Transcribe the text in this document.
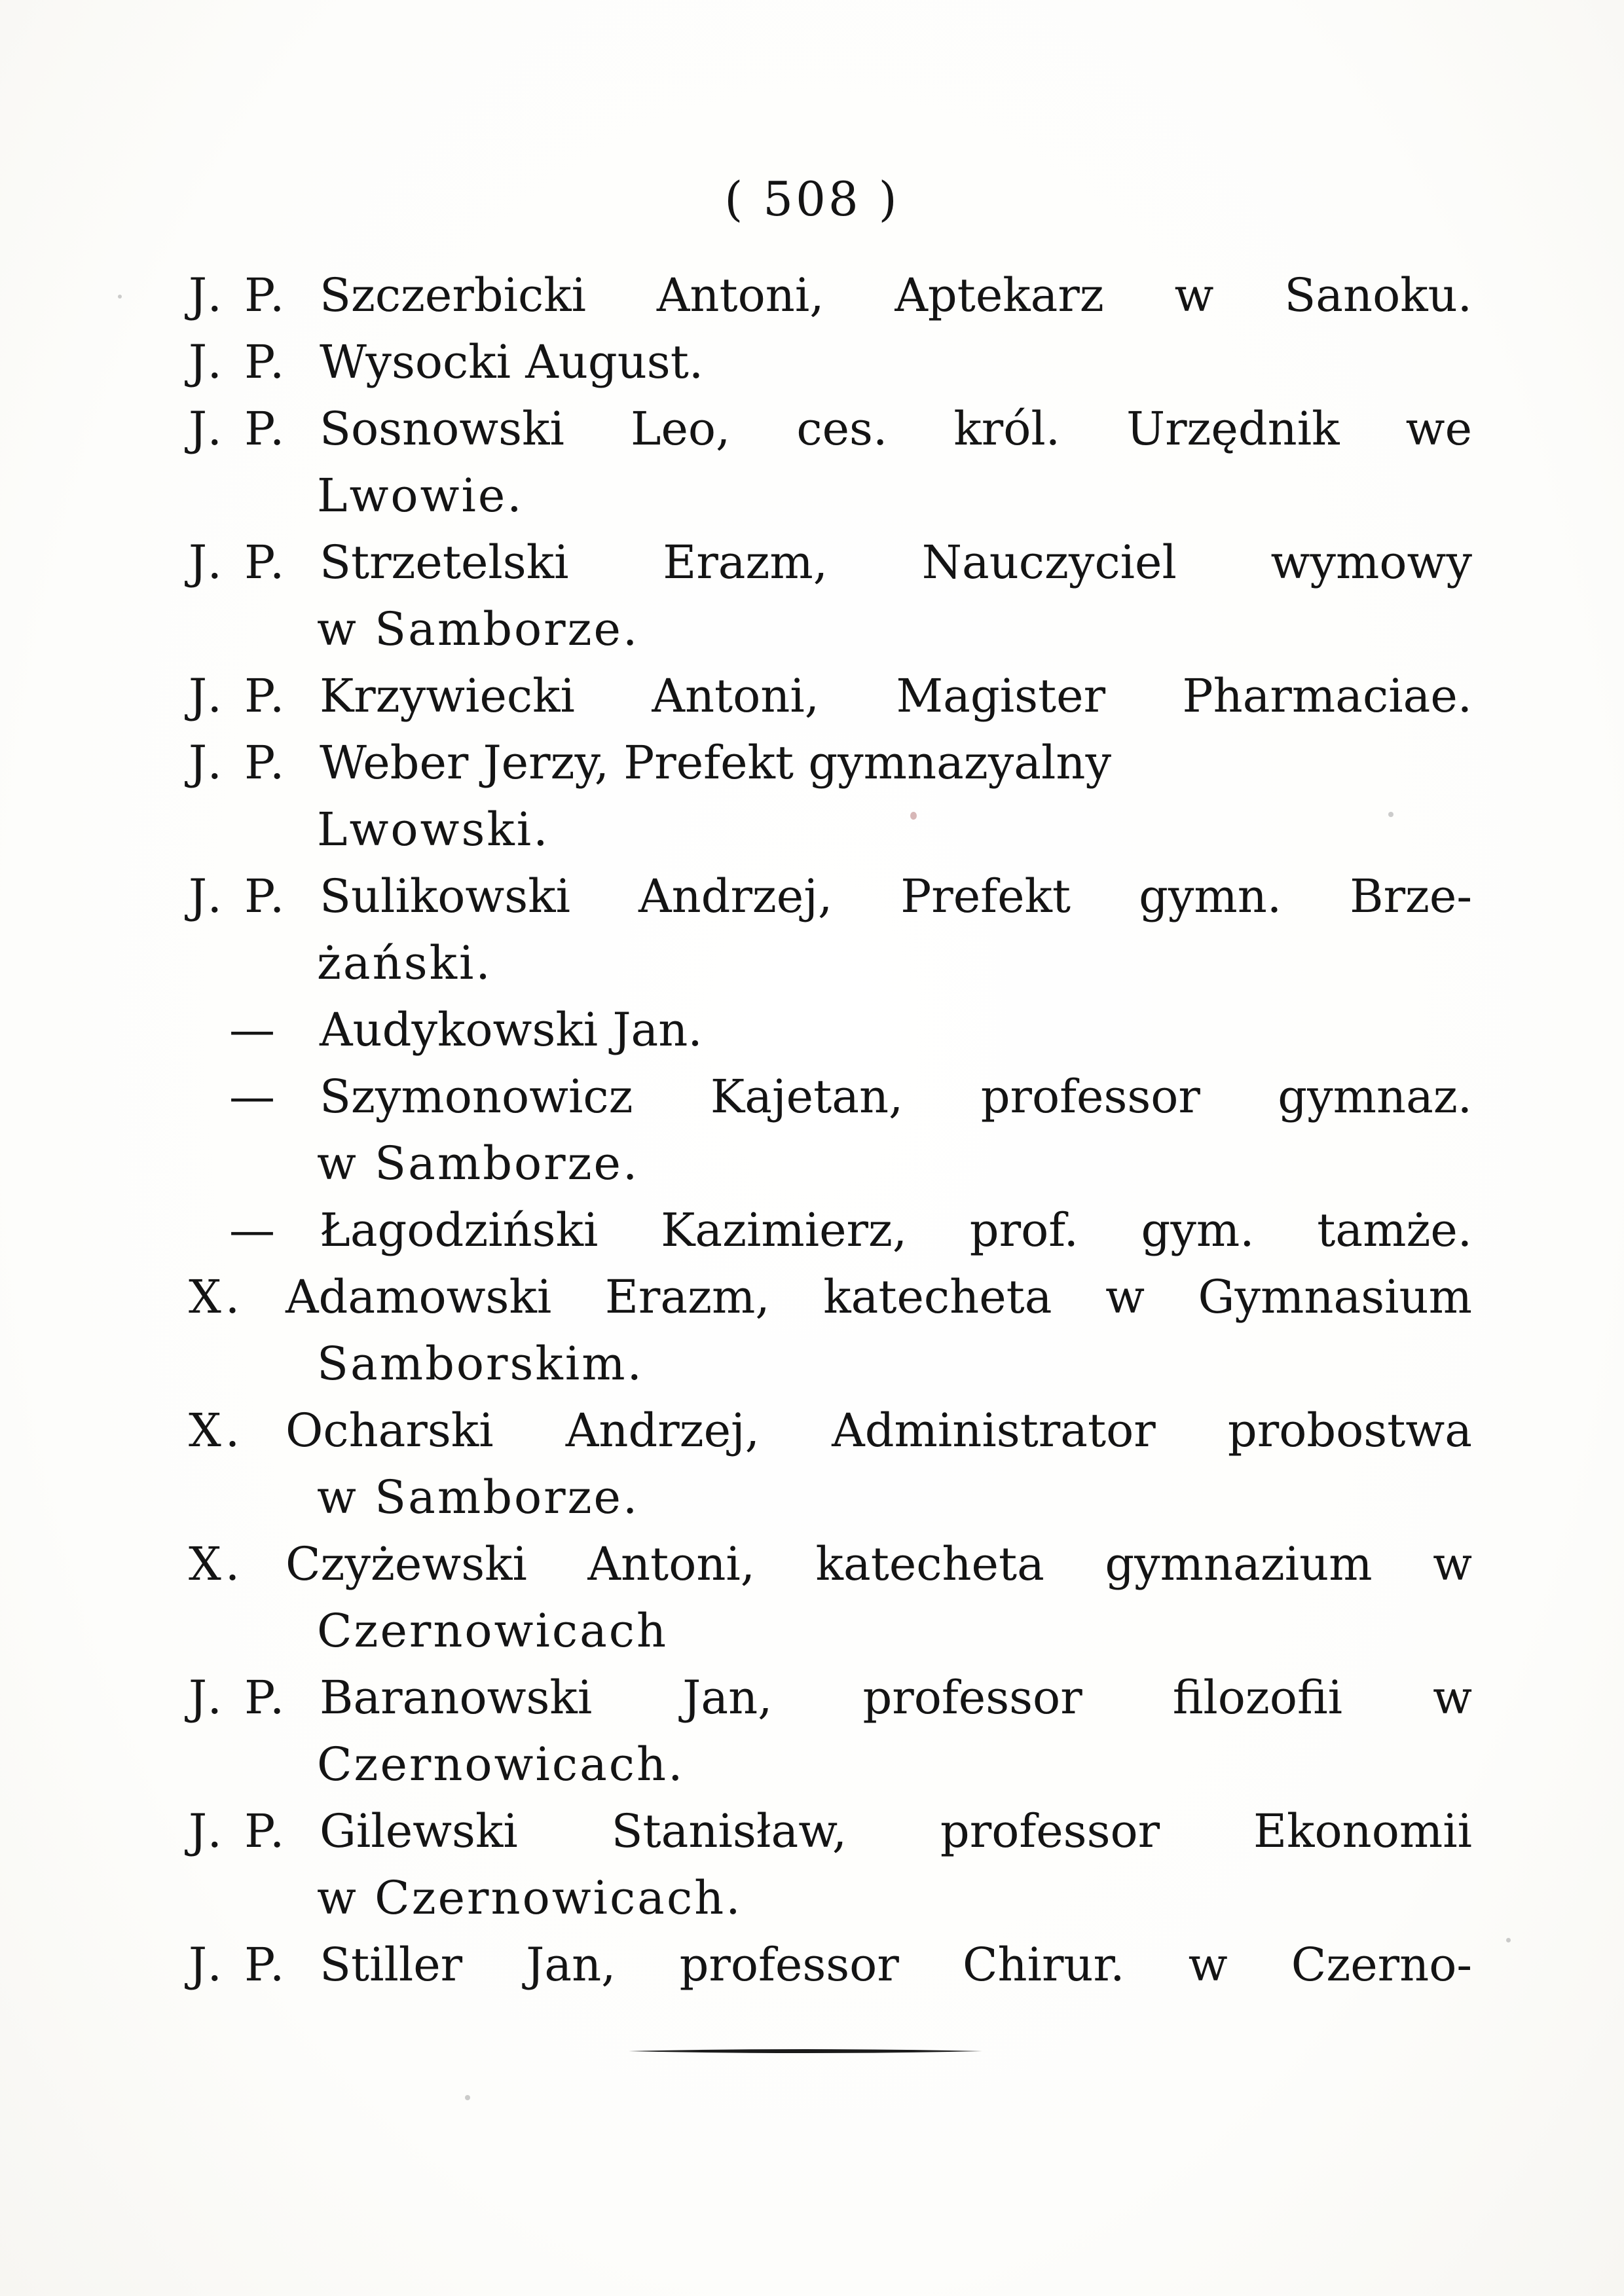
( 508 )
J. P. Szczerbicki Antoni, Aptekarz w Sanoku.
J. P. Wysocki August.
J. P. Sosnowski Leo, ces. król. Urzędnik we
Lwowie.
J. P. Strzetelski Erazm, Nauczyciel wymowy
w Samborze.
J. P. Krzywiecki Antoni, Magister Pharmaciae.
J. P. Weber Jerzy, Prefekt gymnazyalny
Lwowski.
J. P. Sulikowski Andrzej, Prefekt gymn. Brze-
żański.
— Audykowski Jan.
— Szymonowicz Kajetan, professor gymnaz.
w Samborze.
— Łagodziński Kazimierz, prof. gym. tamże.
X. Adamowski Erazm, katecheta w Gymnasium
Samborskim.
X. Ocharski Andrzej, Administrator probostwa
w Samborze.
X. Czyżewski Antoni, katecheta gymnazium w
Czernowicach
J. P. Baranowski Jan, professor filozofii w
Czernowicach.
J. P. Gilewski Stanisław, professor Ekonomii
w Czernowicach.
J. P. Stiller Jan, professor Chirur. w Czerno-
